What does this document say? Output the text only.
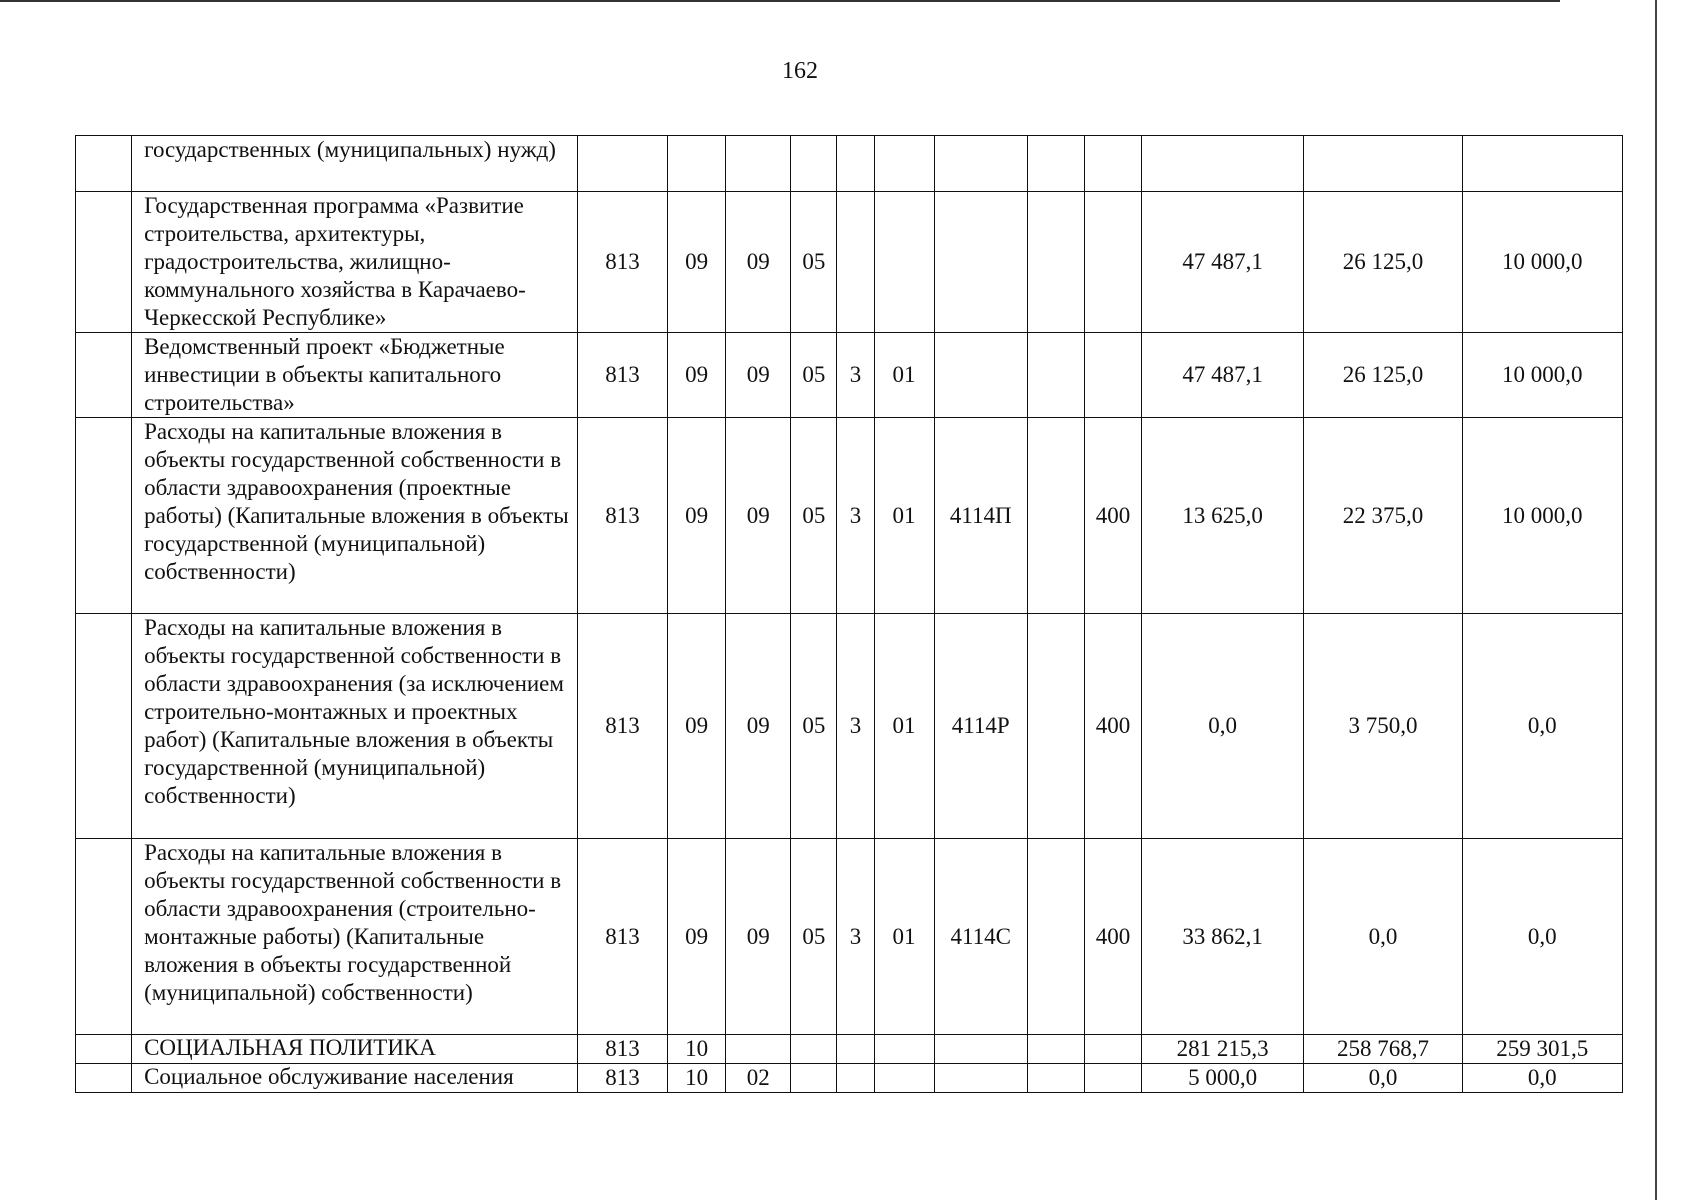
162
	государственных (муниципальных) нужд)												
	Государственная программа «Развитие строительства, архитектуры, градостроительства, жилищно-коммунального хозяйства в Карачаево-Черкесской Республике»	813	09	09	05						47 487,1	26 125,0	10 000,0
	Ведомственный проект «Бюджетные инвестиции в объекты капитального строительства»	813	09	09	05	3	01				47 487,1	26 125,0	10 000,0
	Расходы на капитальные вложения в объекты государственной собственности в области здравоохранения (проектные работы) (Капитальные вложения в объекты государственной (муниципальной) собственности)	813	09	09	05	3	01	4114П		400	13 625,0	22 375,0	10 000,0
	Расходы на капитальные вложения в объекты государственной собственности в области здравоохранения (за исключением строительно-монтажных и проектных работ) (Капитальные вложения в объекты государственной (муниципальной) собственности)	813	09	09	05	3	01	4114Р		400	0,0	3 750,0	0,0
	Расходы на капитальные вложения в объекты государственной собственности в области здравоохранения (строительно-монтажные работы) (Капитальные вложения в объекты государственной (муниципальной) собственности)	813	09	09	05	3	01	4114С		400	33 862,1	0,0	0,0
	СОЦИАЛЬНАЯ ПОЛИТИКА	813	10								281 215,3	258 768,7	259 301,5
	Социальное обслуживание населения	813	10	02							5 000,0	0,0	0,0
